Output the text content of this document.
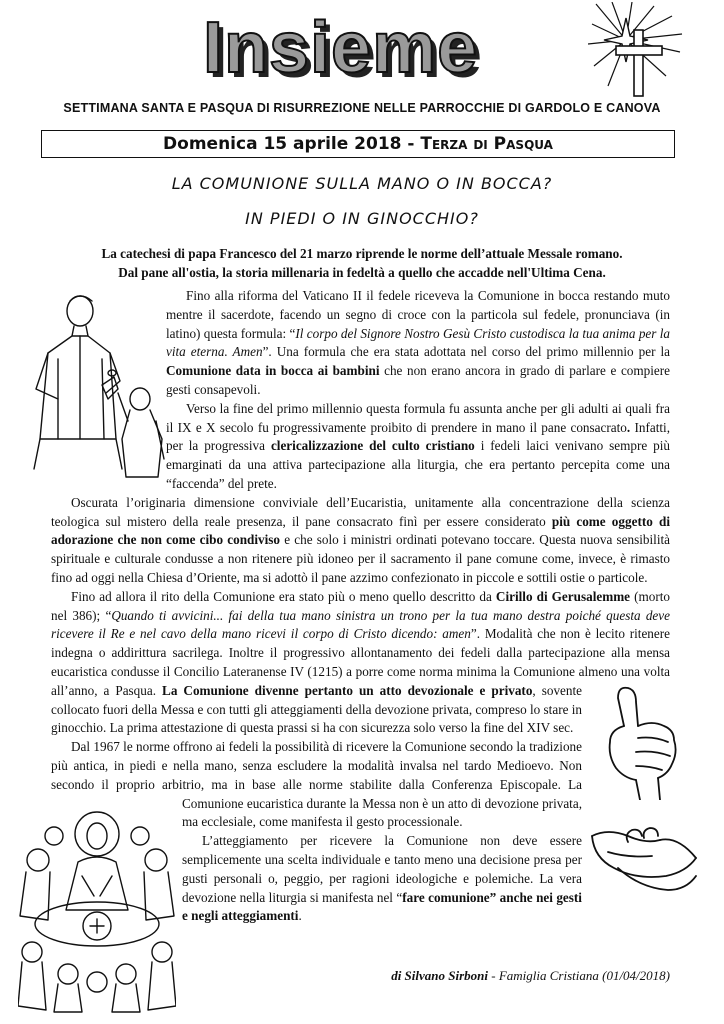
Insieme
SETTIMANA SANTA E PASQUA DI RISURREZIONE NELLE PARROCCHIE DI GARDOLO E CANOVA
Domenica 15 aprile 2018 - Terza di Pasqua
LA COMUNIONE SULLA MANO O IN BOCCA?
IN PIEDI O IN GINOCCHIO?
La catechesi di papa Francesco del 21 marzo riprende le norme dell’attuale Messale romano.
Dal pane all'ostia, la storia millenaria in fedeltà a quello che accadde nell'Ultima Cena.

Fino alla riforma del Vaticano II il fedele riceveva la Comunione in bocca restando muto mentre il sacerdote, facendo un segno di croce con la particola sul fedele, pronunciava (in latino) questa formula: “Il corpo del Signore Nostro Gesù Cristo custodisca la tua anima per la vita eterna. Amen”. Una formula che era stata adottata nel corso del primo millennio per la Comunione data in bocca ai bambini che non erano ancora in grado di parlare e compiere gesti consapevoli.

Verso la fine del primo millennio questa formula fu assunta anche per gli adulti ai quali fra il IX e X secolo fu progressivamente proibito di prendere in mano il pane consacrato. Infatti, per la progressiva clericalizzazione del culto cristiano i fedeli laici venivano sempre più emarginati da una attiva partecipazione alla liturgia, che era pertanto percepita come una “faccenda” del prete.

Oscurata l’originaria dimensione conviviale dell’Eucaristia, unitamente alla concentrazione della scienza teologica sul mistero della reale presenza, il pane consacrato finì per essere considerato più come oggetto di adorazione che non come cibo condiviso e che solo i ministri ordinati potevano toccare. Questa nuova sensibilità spirituale e culturale condusse a non ritenere più idoneo per il sacramento il pane comune come, invece, è rimasto fino ad oggi nella Chiesa d’Oriente, ma si adottò il pane azzimo confezionato in piccole e sottili ostie o particole.

Fino ad allora il rito della Comunione era stato più o meno quello descritto da Cirillo di Gerusalemme (morto nel 386); “Quando ti avvicini... fai della tua mano sinistra un trono per la tua mano destra poiché questa deve ricevere il Re e nel cavo della mano ricevi il corpo di Cristo dicendo: amen”. Modalità che non è lecito ritenere indegna o addirittura sacrilega. Inoltre il progressivo allontanamento dei fedeli dalla partecipazione alla mensa eucaristica condusse il Concilio Lateranense IV (1215) a porre come norma minima la Comunione almeno una volta all’anno, a Pasqua. La Comunione divenne pertanto un atto devozionale e privato, sovente collocato fuori della Messa e con tutti gli atteggiamenti della devozione privata, compreso lo stare in ginocchio. La prima attestazione di questa prassi si ha con sicurezza solo verso la fine del XIV sec.

Dal 1967 le norme offrono ai fedeli la possibilità di ricevere la Comunione secondo la tradizione più antica, in piedi e nella mano, senza escludere la modalità invalsa nel tardo Medioevo. Non secondo il proprio arbitrio, ma in base alle norme stabilite dalla Conferenza Episcopale. La Comunione eucaristica durante la Messa non è un atto di devozione privata, ma ecclesiale, come manifesta il gesto processionale.

L’atteggiamento per ricevere la Comunione non deve essere semplicemente una scelta individuale e tanto meno una decisione presa per gusti personali o, peggio, per ragioni ideologiche e polemiche. La vera devozione nella liturgia si manifesta nel “fare comunione” anche nei gesti e negli atteggiamenti.

di Silvano Sirboni - Famiglia Cristiana (01/04/2018)
